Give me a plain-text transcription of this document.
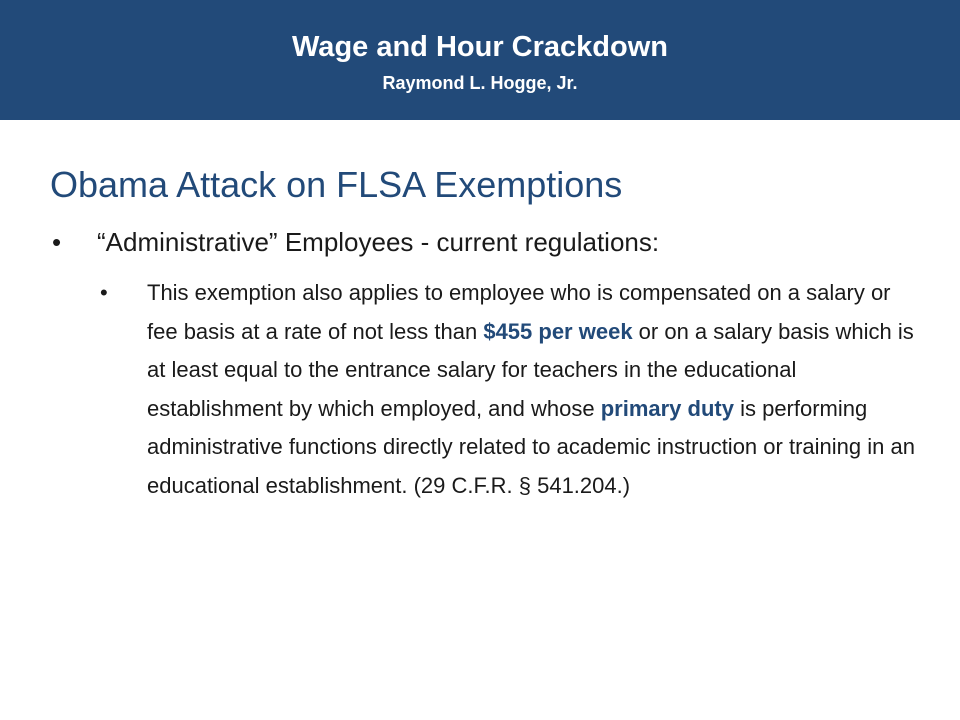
Wage and Hour Crackdown
Raymond L. Hogge, Jr.
Obama Attack on FLSA Exemptions
• “Administrative” Employees - current regulations:
• This exemption also applies to employee who is compensated on a salary or fee basis at a rate of not less than $455 per week or on a salary basis which is at least equal to the entrance salary for teachers in the educational establishment by which employed, and whose primary duty is performing administrative functions directly related to academic instruction or training in an educational establishment. (29 C.F.R. § 541.204.)
